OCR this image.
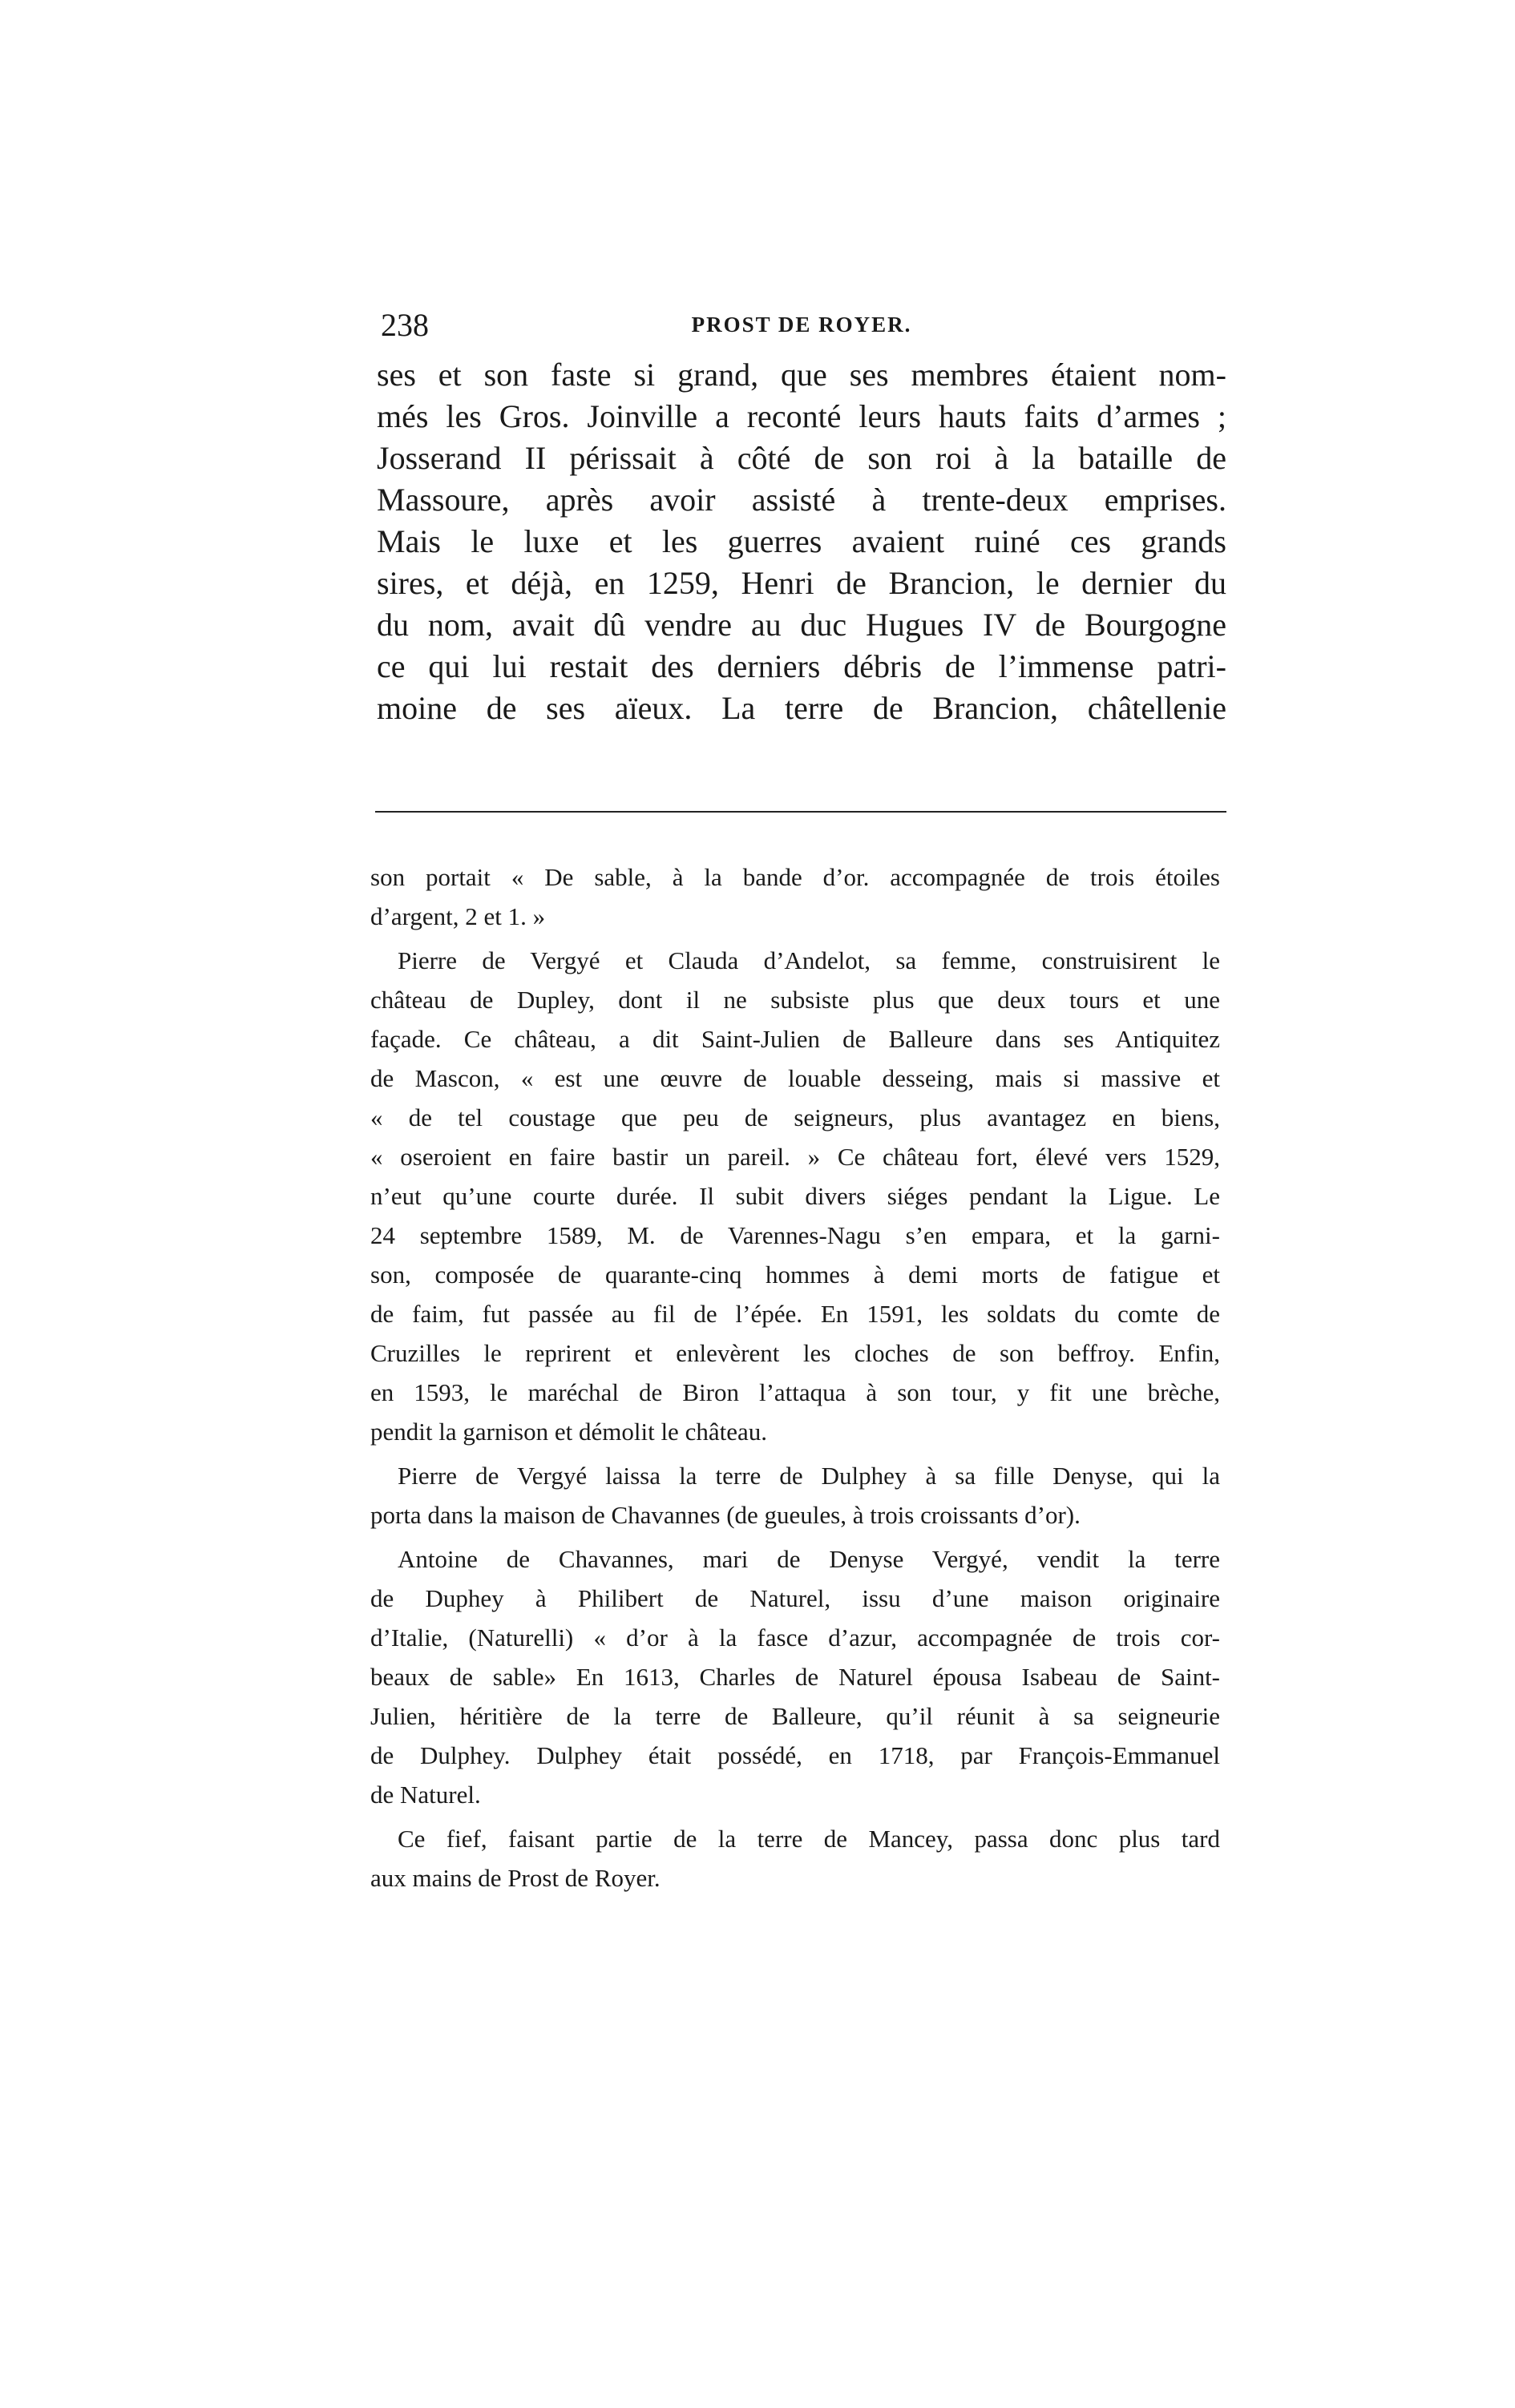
238	PROST DE ROYER.
ses et son faste si grand, que ses membres étaient nom-
més les Gros. Joinville a reconté leurs hauts faits d’armes ;
Josserand II périssait à côté de son roi à la bataille de
Massoure, après avoir assisté à trente-deux emprises.
Mais le luxe et les guerres avaient ruiné ces grands
sires, et déjà, en 1259, Henri de Brancion, le dernier du
du nom, avait dû vendre au duc Hugues IV de Bourgogne
ce qui lui restait des derniers débris de l’immense patri-
moine de ses aïeux. La terre de Brancion, châtellenie
son portait « De sable, à la bande d’or. accompagnée de trois étoiles
d’argent, 2 et 1. »
Pierre de Vergyé et Clauda d’Andelot, sa femme, construisirent le
château de Dupley, dont il ne subsiste plus que deux tours et une
façade. Ce château, a dit Saint-Julien de Balleure dans ses Antiquitez
de Mascon, « est une œuvre de louable desseing, mais si massive et
« de tel coustage que peu de seigneurs, plus avantagez en biens,
« oseroient en faire bastir un pareil. » Ce château fort, élevé vers 1529,
n’eut qu’une courte durée. Il subit divers siéges pendant la Ligue. Le
24 septembre 1589, M. de Varennes-Nagu s’en empara, et la garni-
son, composée de quarante-cinq hommes à demi morts de fatigue et
de faim, fut passée au fil de l’épée. En 1591, les soldats du comte de
Cruzilles le reprirent et enlevèrent les cloches de son beffroy. Enfin,
en 1593, le maréchal de Biron l’attaqua à son tour, y fit une brèche,
pendit la garnison et démolit le château.
Pierre de Vergyé laissa la terre de Dulphey à sa fille Denyse, qui la
porta dans la maison de Chavannes (de gueules, à trois croissants d’or).
Antoine de Chavannes, mari de Denyse Vergyé, vendit la terre
de Duphey à Philibert de Naturel, issu d’une maison originaire
d’Italie, (Naturelli) « d’or à la fasce d’azur, accompagnée de trois cor-
beaux de sable» En 1613, Charles de Naturel épousa Isabeau de Saint-
Julien, héritière de la terre de Balleure, qu’il réunit à sa seigneurie
de Dulphey. Dulphey était possédé, en 1718, par François-Emmanuel
de Naturel.
Ce fief, faisant partie de la terre de Mancey, passa donc plus tard
aux mains de Prost de Royer.
